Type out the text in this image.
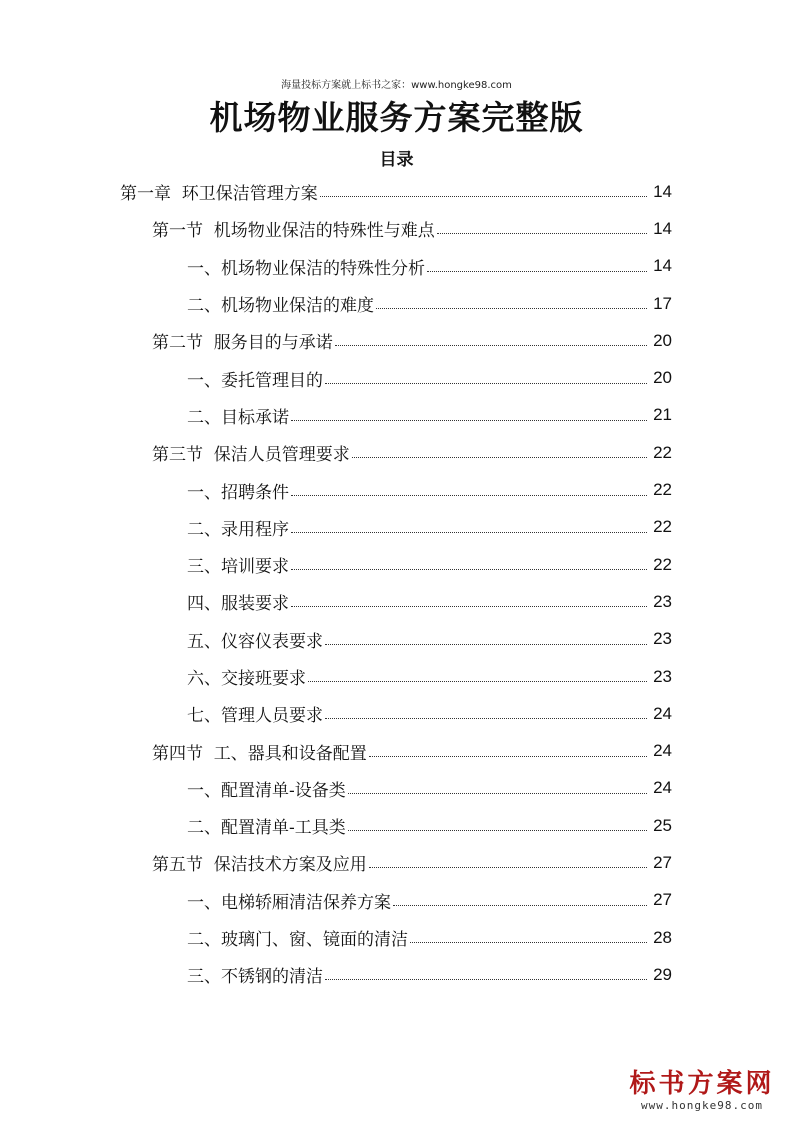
海量投标方案就上标书之家：www.hongke98.com
机场物业服务方案完整版
目录
第一章  环卫保洁管理方案	14
第一节  机场物业保洁的特殊性与难点	14
一、机场物业保洁的特殊性分析	14
二、机场物业保洁的难度	17
第二节  服务目的与承诺	20
一、委托管理目的	20
二、目标承诺	21
第三节  保洁人员管理要求	22
一、招聘条件	22
二、录用程序	22
三、培训要求	22
四、服装要求	23
五、仪容仪表要求	23
六、交接班要求	23
七、管理人员要求	24
第四节  工、器具和设备配置	24
一、配置清单-设备类	24
二、配置清单-工具类	25
第五节  保洁技术方案及应用	27
一、电梯轿厢清洁保养方案	27
二、玻璃门、窗、镜面的清洁	28
三、不锈钢的清洁	29
标书方案网
www.hongke98.com
